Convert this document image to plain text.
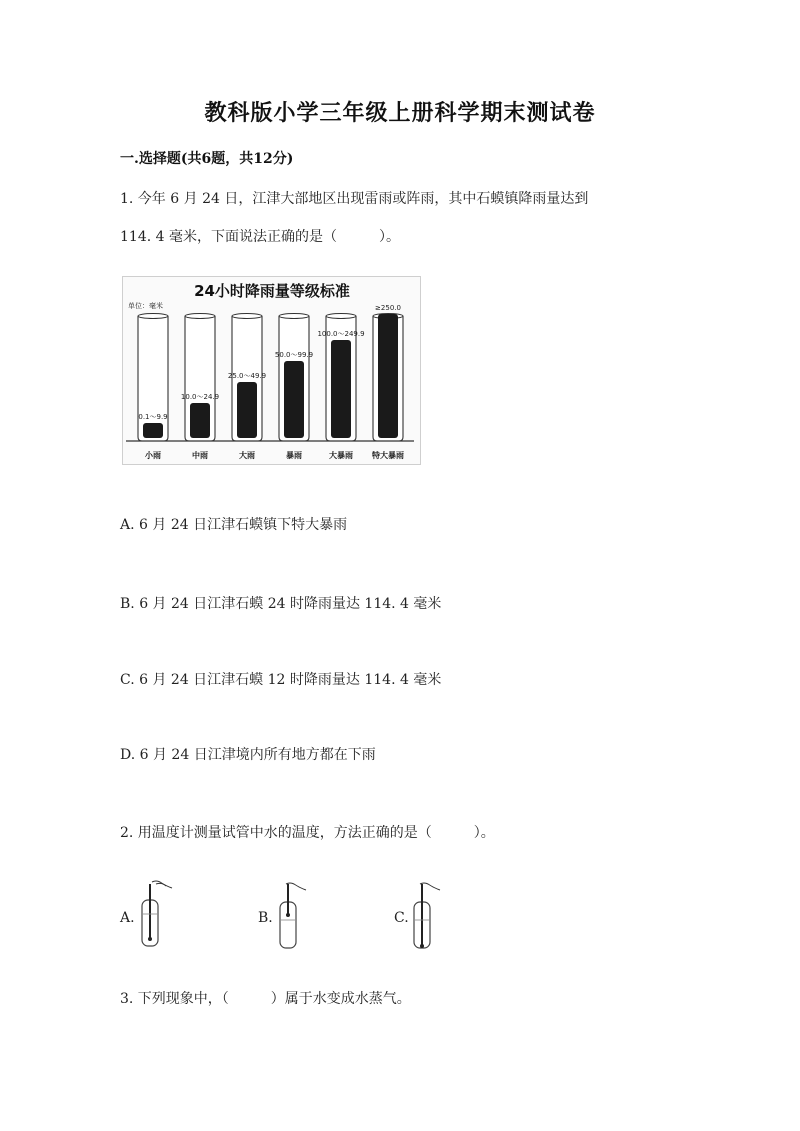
教科版小学三年级上册科学期末测试卷
一.选择题(共6题，共12分)
1. 今年 6 月 24 日，江津大部地区出现雷雨或阵雨，其中石蟆镇降雨量达到
114. 4 毫米，下面说法正确的是（　　　）。
24小时降雨量等级标准
单位：毫米
0.1～9.9
10.0～24.9
25.0～49.9
50.0～99.9
100.0～249.9
≥250.0
小雨	中雨	大雨	暴雨	大暴雨 特大暴雨
A. 6 月 24 日江津石蟆镇下特大暴雨
B. 6 月 24 日江津石蟆 24 时降雨量达 114. 4 毫米
C. 6 月 24 日江津石蟆 12 时降雨量达 114. 4 毫米
D. 6 月 24 日江津境内所有地方都在下雨
2. 用温度计测量试管中水的温度，方法正确的是（　　　）。
A.	B.	C.
3. 下列现象中，（　　　）属于水变成水蒸气。
